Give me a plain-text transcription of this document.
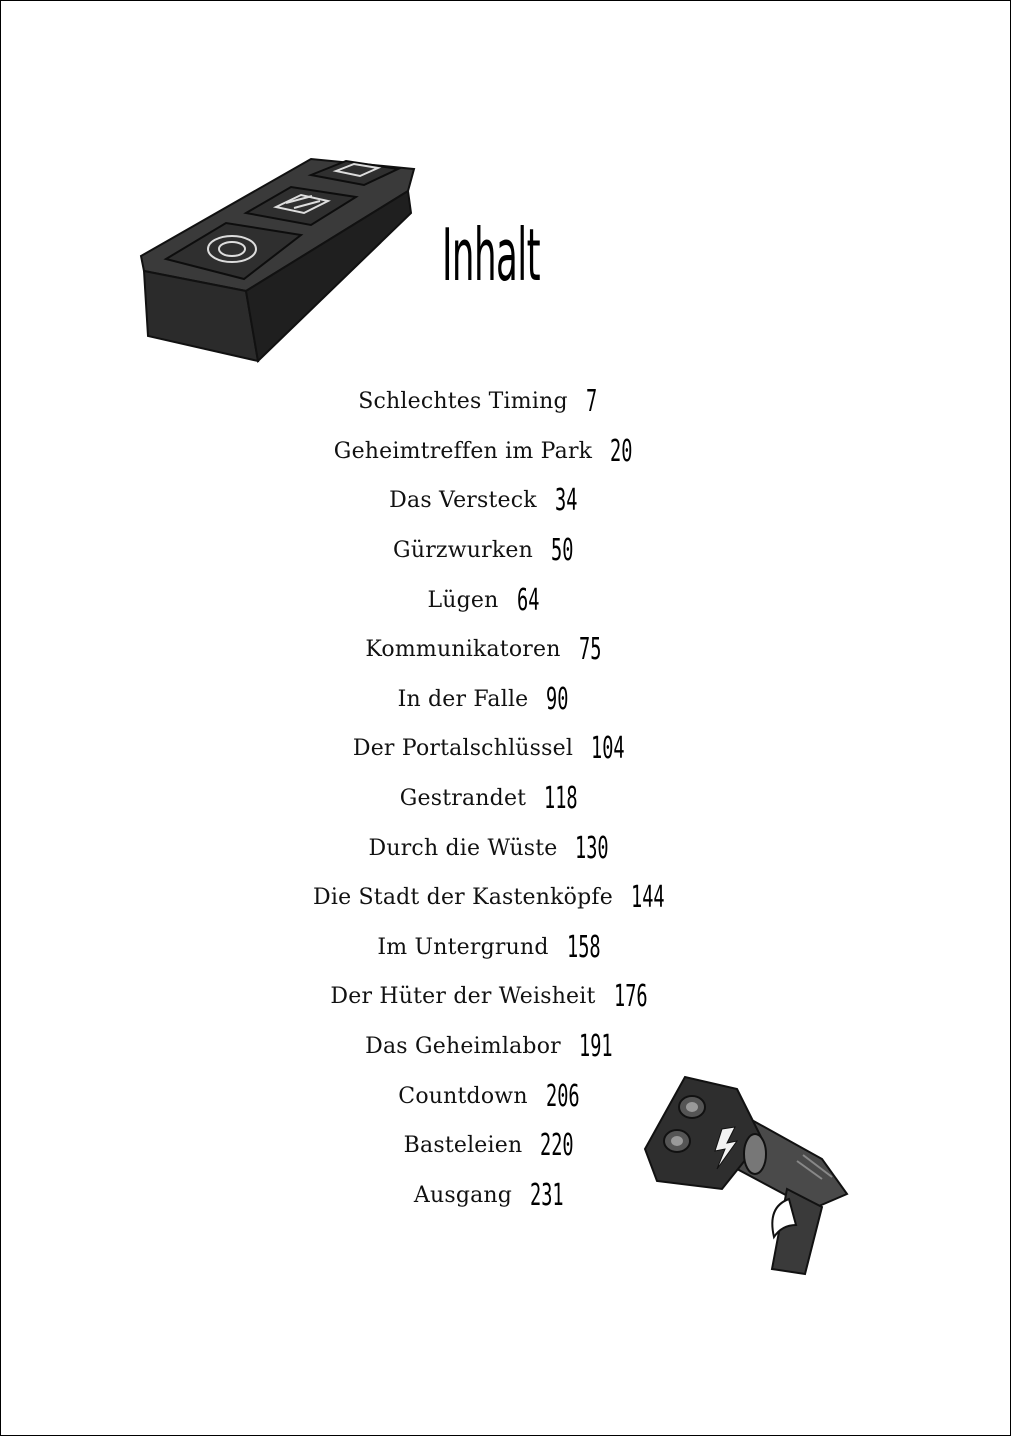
Inhalt
Schlechtes Timing 7
Geheimtreffen im Park 20
Das Versteck 34
Gürzwurken 50
Lügen 64
Kommunikatoren 75
In der Falle 90
Der Portalschlüssel 104
Gestrandet 118
Durch die Wüste 130
Die Stadt der Kastenköpfe 144
Im Untergrund 158
Der Hüter der Weisheit 176
Das Geheimlabor 191
Countdown 206
Basteleien 220
Ausgang 231
